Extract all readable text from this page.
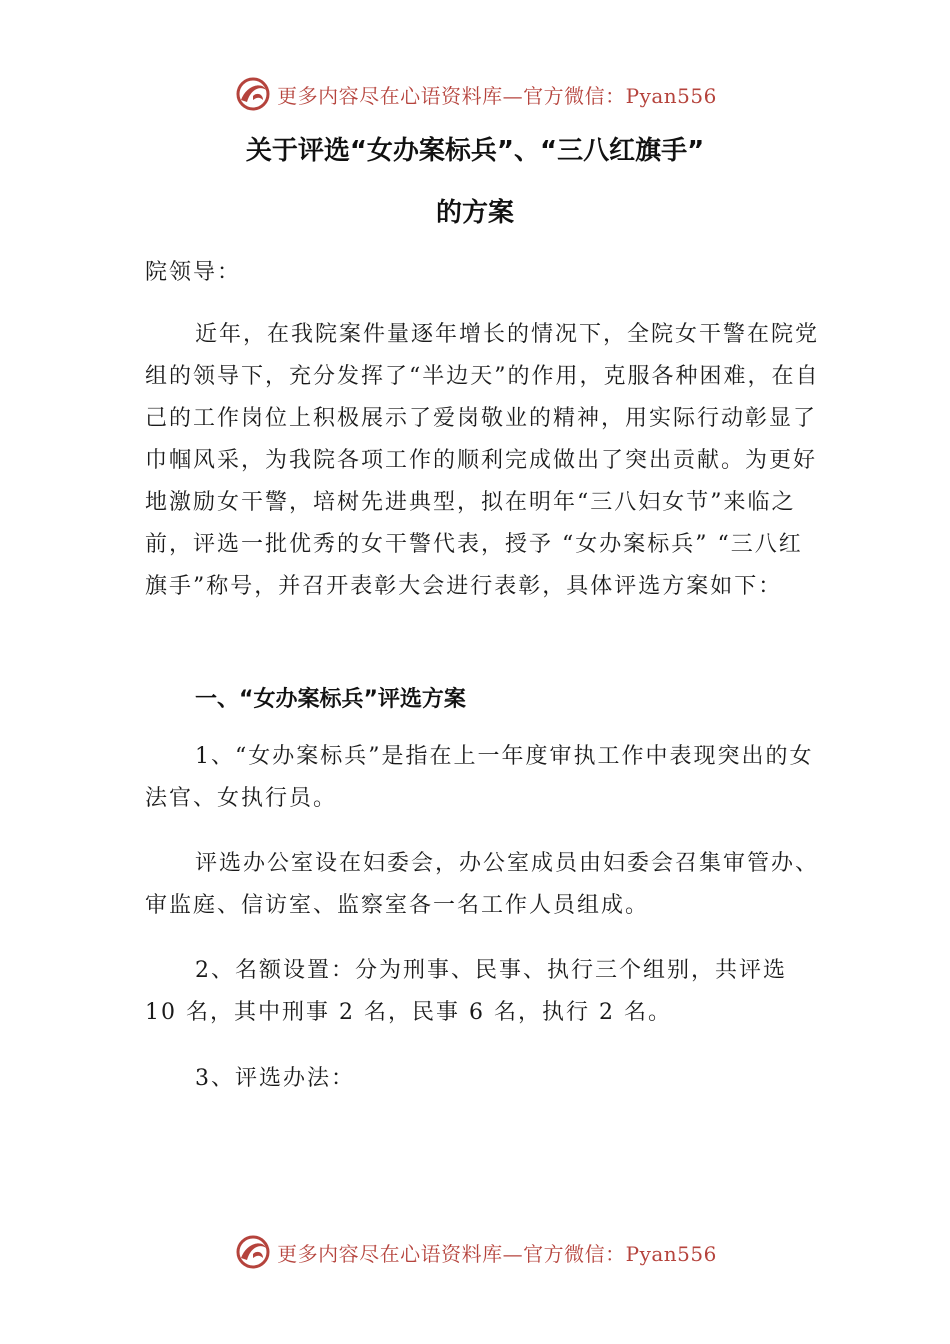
更多内容尽在心语资料库—官方微信：Pyan556
关于评选“女办案标兵”、“三八红旗手”
的方案
院领导：
近年，在我院案件量逐年增长的情况下，全院女干警在院党组的领导下，充分发挥了“半边天”的作用，克服各种困难，在自己的工作岗位上积极展示了爱岗敬业的精神，用实际行动彰显了巾帼风采，为我院各项工作的顺利完成做出了突出贡献。为更好地激励女干警，培树先进典型，拟在明年“三八妇女节”来临之前，评选一批优秀的女干警代表，授予 “女办案标兵” “三八红旗手”称号，并召开表彰大会进行表彰，具体评选方案如下：
一、“女办案标兵”评选方案
1、“女办案标兵”是指在上一年度审执工作中表现突出的女法官、女执行员。
评选办公室设在妇委会，办公室成员由妇委会召集审管办、审监庭、信访室、监察室各一名工作人员组成。
2、名额设置：分为刑事、民事、执行三个组别，共评选 10 名，其中刑事 2 名，民事 6 名，执行 2 名。
3、评选办法：
更多内容尽在心语资料库—官方微信：Pyan556
